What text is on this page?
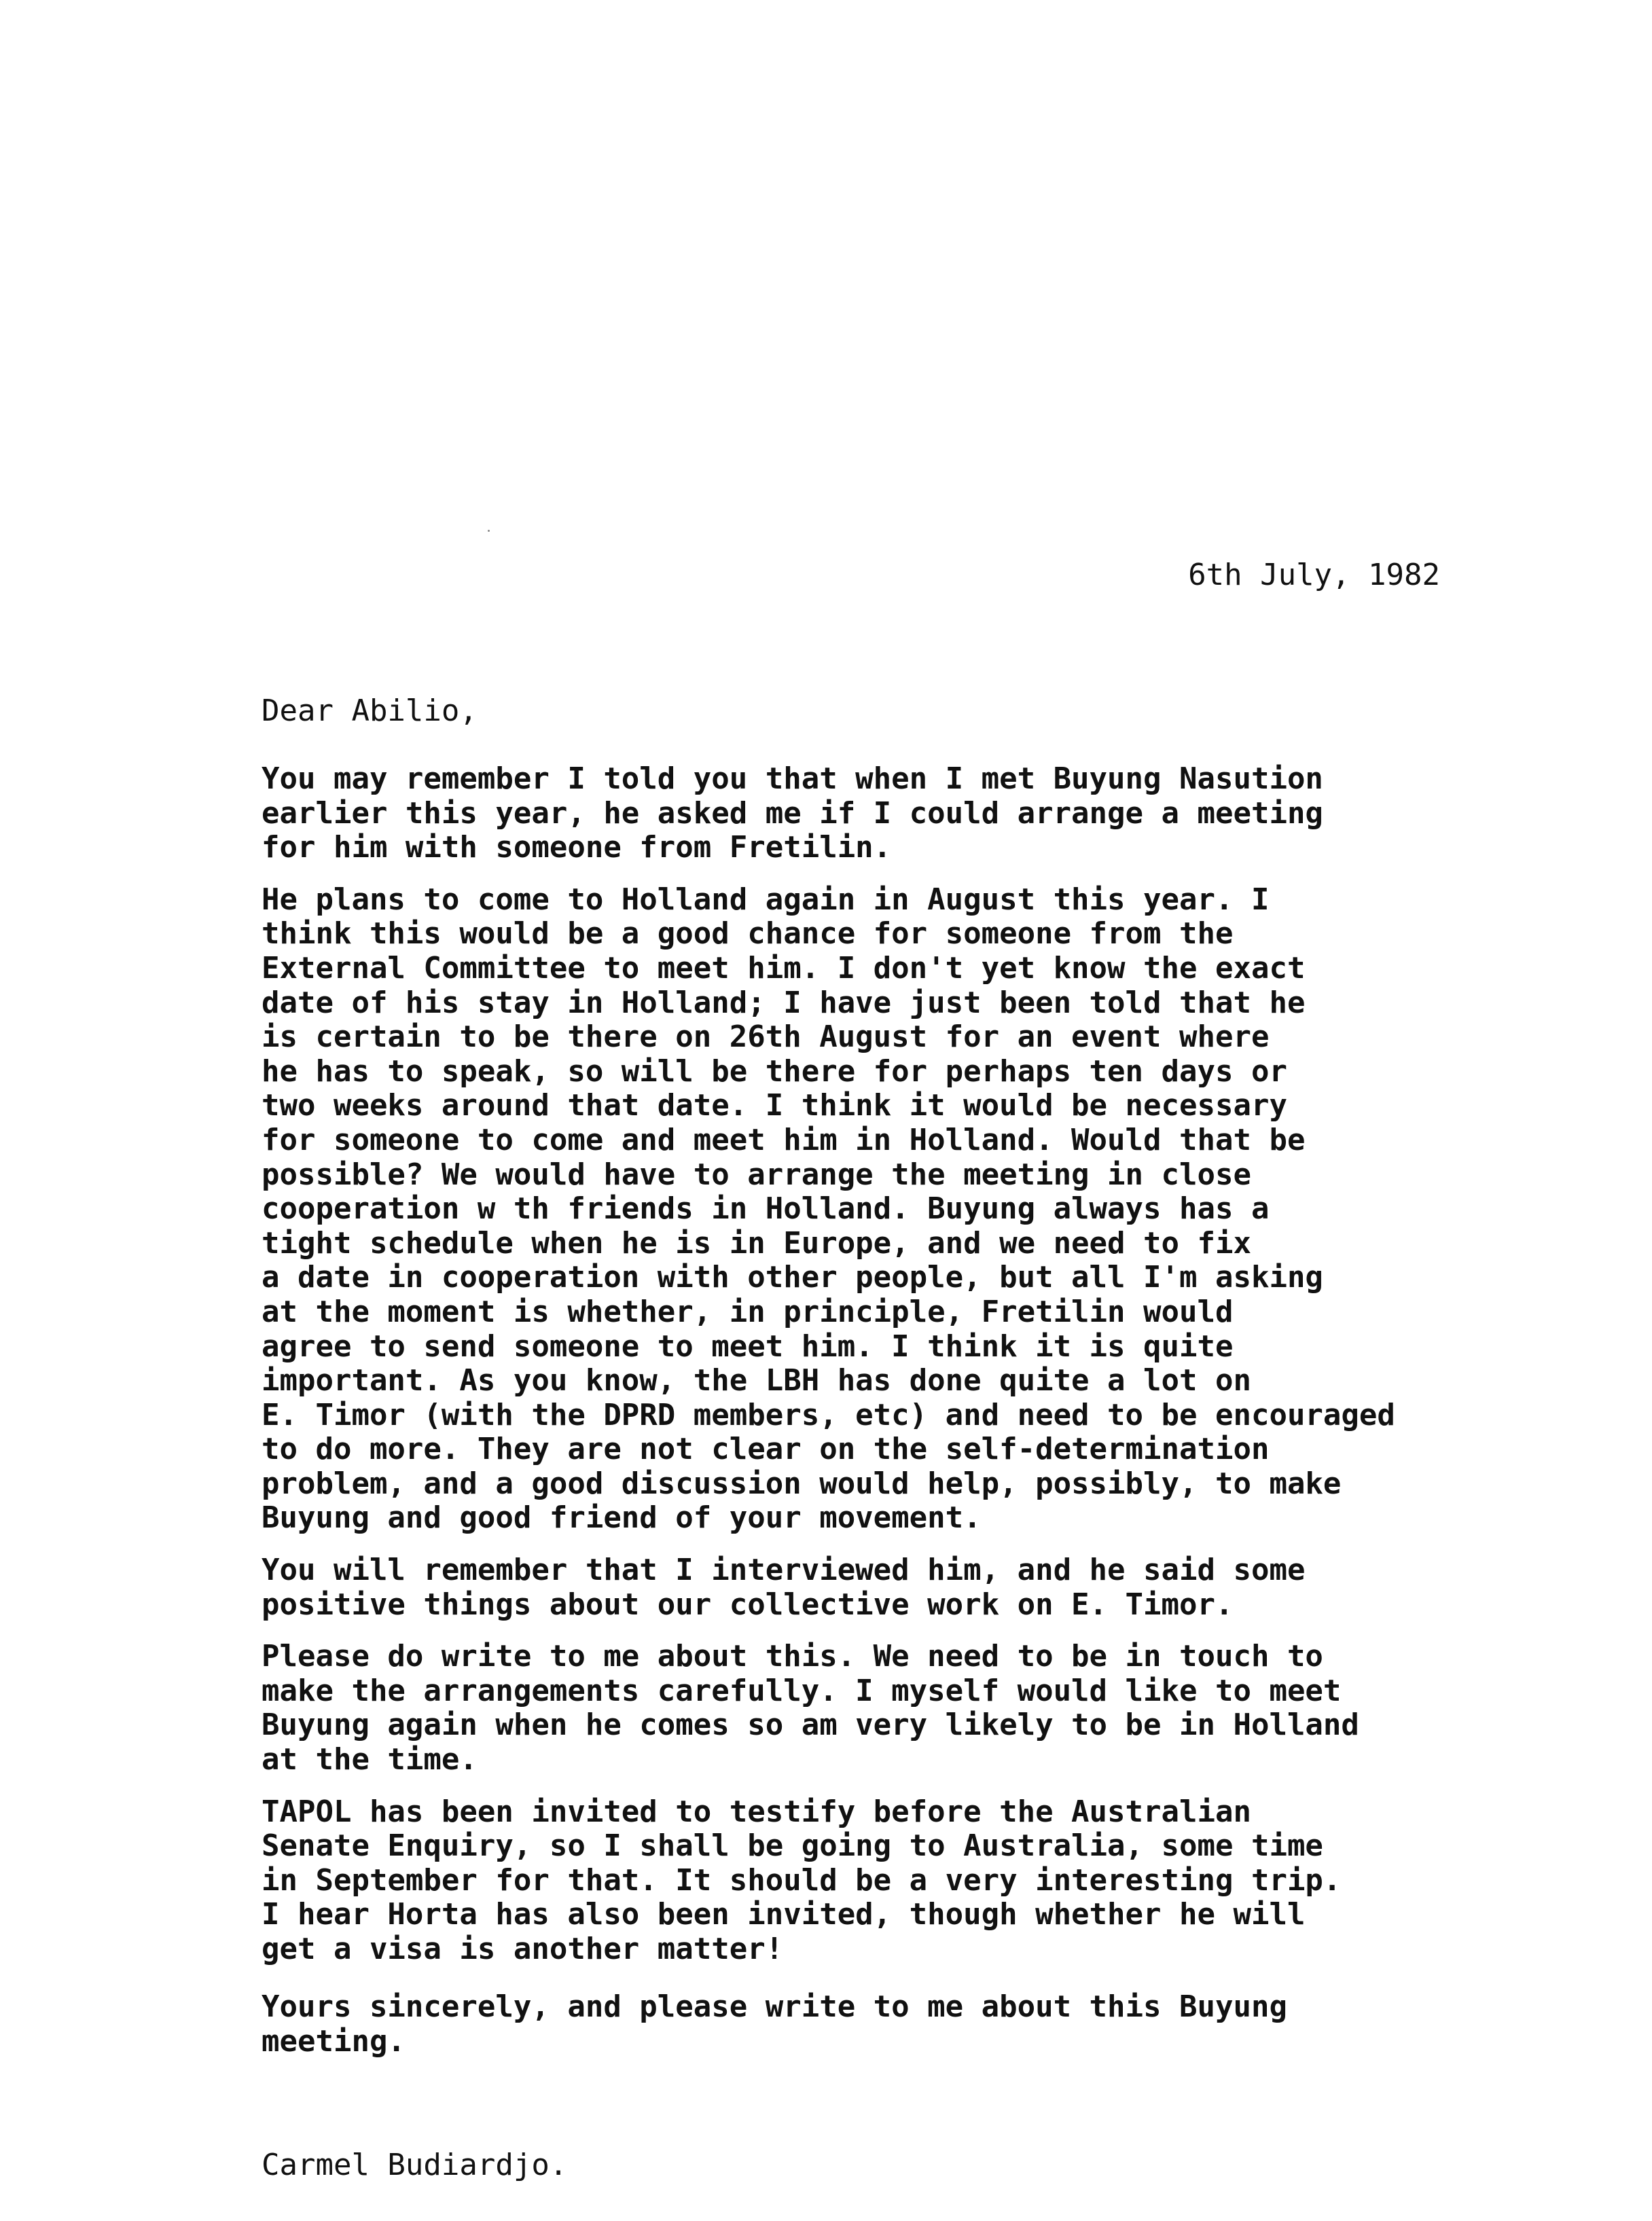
6th July, 1982
Dear Abilio,
You may remember I told you that when I met Buyung Nasution
earlier this year, he asked me if I could arrange a meeting
for him with someone from Fretilin.
He plans to come to Holland again in August this year. I
think this would be a good chance for someone from the
External Committee to meet him. I don't yet know the exact
date of his stay in Holland; I have just been told that he
is certain to be there on 26th August for an event where
he has to speak, so will be there for perhaps ten days or
two weeks around that date. I think it would be necessary
for someone to come and meet him in Holland. Would that be
possible? We would have to arrange the meeting in close
cooperation w th friends in Holland. Buyung always has a
tight schedule when he is in Europe, and we need to fix
a date in cooperation with other people, but all I'm asking
at the moment is whether, in principle, Fretilin would
agree to send someone to meet him. I think it is quite
important. As you know, the LBH has done quite a lot on
E. Timor (with the DPRD members, etc) and need to be encouraged
to do more. They are not clear on the self-determination
problem, and a good discussion would help, possibly, to make
Buyung and good friend of your movement.
You will remember that I interviewed him, and he said some
positive things about our collective work on E. Timor.
Please do write to me about this. We need to be in touch to
make the arrangements carefully. I myself would like to meet
Buyung again when he comes so am very likely to be in Holland
at the time.
TAPOL has been invited to testify before the Australian
Senate Enquiry, so I shall be going to Australia, some time
in September for that. It should be a very interesting trip.
I hear Horta has also been invited, though whether he will
get a visa is another matter!
Yours sincerely, and please write to me about this Buyung
meeting.
Carmel Budiardjo.
